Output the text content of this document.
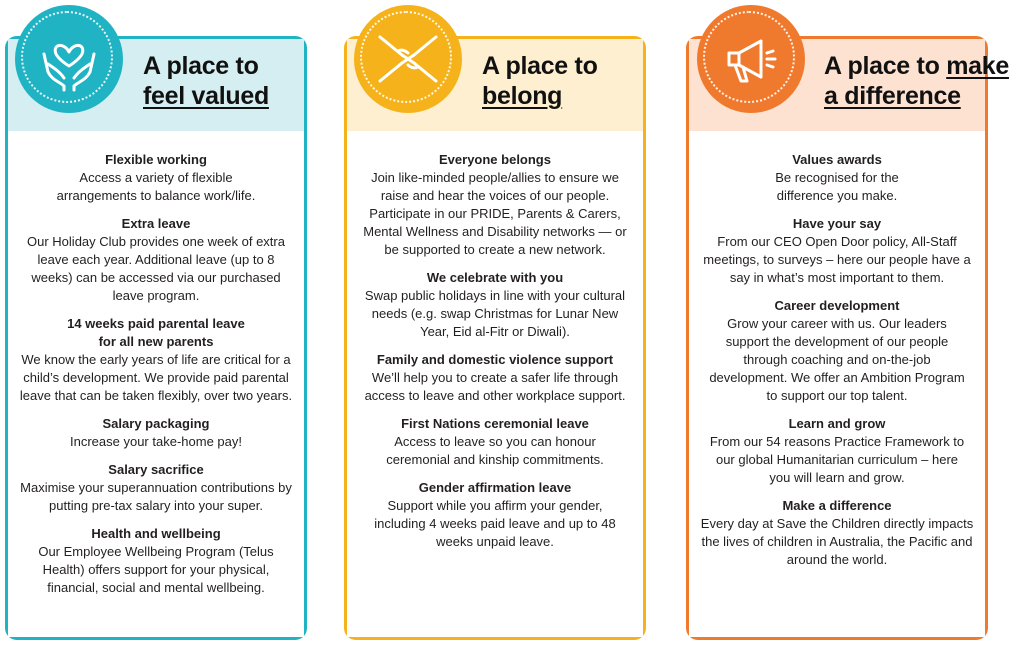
A place to
feel valued
Flexible working
Access a variety of flexible arrangements to balance work/life.
Extra leave
Our Holiday Club provides one week of extra leave each year. Additional leave (up to 8 weeks) can be accessed via our purchased leave program.
14 weeks paid parental leave
for all new parents
We know the early years of life are critical for a child’s development. We provide paid parental leave that can be taken flexibly, over two years.
Salary packaging
Increase your take-home pay!
Salary sacrifice
Maximise your superannuation contributions by putting pre-tax salary into your super.
Health and wellbeing
Our Employee Wellbeing Program (Telus Health) offers support for your physical, financial, social and mental wellbeing.
A place to
belong
Everyone belongs
Join like-minded people/allies to ensure we raise and hear the voices of our people. Participate in our PRIDE, Parents & Carers, Mental Wellness and Disability networks — or be supported to create a new network.
We celebrate with you
Swap public holidays in line with your cultural needs (e.g. swap Christmas for Lunar New Year, Eid al-Fitr or Diwali).
Family and domestic violence support
We’ll help you to create a safer life through access to leave and other workplace support.
First Nations ceremonial leave
Access to leave so you can honour ceremonial and kinship commitments.
Gender affirmation leave
Support while you affirm your gender, including 4 weeks paid leave and up to 48 weeks unpaid leave.
A place to make
a difference
Values awards
Be recognised for the difference you make.
Have your say
From our CEO Open Door policy, All-Staff meetings, to surveys – here our people have a say in what’s most important to them.
Career development
Grow your career with us. Our leaders support the development of our people through coaching and on-the-job development. We offer an Ambition Program to support our top talent.
Learn and grow
From our 54 reasons Practice Framework to our global Humanitarian curriculum – here you will learn and grow.
Make a difference
Every day at Save the Children directly impacts the lives of children in Australia, the Pacific and around the world.
